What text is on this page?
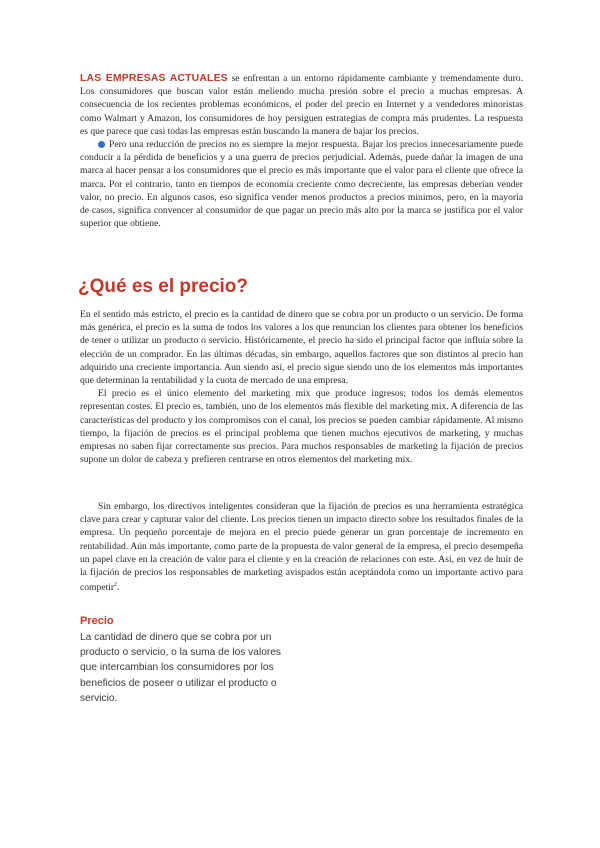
LAS EMPRESAS ACTUALES se enfrentan a un entorno rápidamente cambiante y tremendamente duro. Los consumidores que buscan valor están meliendo mucha presión sobre el precio a muchas empresas. A consecuencia de los recientes problemas económicos, el poder del precio en Internet y a vendedores minoristas como Walmart y Amazon, los consumidores de hoy persiguen estrategias de compra más prudentes. La respuesta es que parece que casi todas las empresas están buscando la manera de bajar los precios.

Pero una reducción de precios no es siempre la mejor respuesta. Bajar los precios innecesariamente puede conducir a la pérdida de beneficios y a una guerra de precios perjudicial. Además, puede dañar la imagen de una marca al hacer pensar a los consumidores que el precio es más importante que el valor para el cliente que ofrece la marca. Por el contrario, tanto en tiempos de economía creciente como decreciente, las empresas deberían vender valor, no precio. En algunos casos, eso significa vender menos productos a precios mínimos, pero, en la mayoría de casos, significa convencer al consumidor de que pagar un precio más alto por la marca se justifica por el valor superior que obtiene.

¿Qué es el precio?

En el sentido más estricto, el precio es la cantidad de dinero que se cobra por un producto o un servicio. De forma más genérica, el precio es la suma de todos los valores a los que renuncian los clientes para obtener los beneficios de tener o utilizar un producto o servicio. Históricamente, el precio ha sido el principal factor que influía sobre la elección de un comprador. En las últimas décadas, sin embargo, aquellos factores que son distintos al precio han adquirido una creciente importancia. Aun siendo así, el precio sigue siendo uno de los elementos más importantes que determinan la rentabilidad y la cuota de mercado de una empresa.

El precio es el único elemento del marketing mix que produce ingresos; todos los demás elementos representan costes. El precio es, también, uno de los elementos más flexible del marketing mix. A diferencia de las características del producto y los compromisos con el canal, los precios se pueden cambiar rápidamente. Al mismo tiempo, la fijación de precios es el principal problema que tienen muchos ejecutivos de marketing, y muchas empresas no saben fijar correctamente sus precios. Para muchos responsables de marketing la fijación de precios supone un dolor de cabeza y prefieren centrarse en otros elementos del marketing mix.

Sin embargo, los directivos inteligentes consideran que la fijación de precios es una herramienta estratégica clave para crear y capturar valor del cliente. Los precios tienen un impacto directo sobre los resultados finales de la empresa. Un pequeño porcentaje de mejora en el precio puede generar un gran porcentaje de incremento en rentabilidad. Aún más importante, como parte de la propuesta de valor general de la empresa, el precio desempeña un papel clave en la creación de valor para el cliente y en la creación de relaciones con este. Así, en vez de huir de la fijación de precios los responsables de marketing avispados están aceptándola como un importante activo para competir$^2$.

Precio
La cantidad de dinero que se cobra por un producto o servicio, o la suma de los valores que intercambian los consumidores por los beneficios de poseer o utilizar el producto o servicio.
